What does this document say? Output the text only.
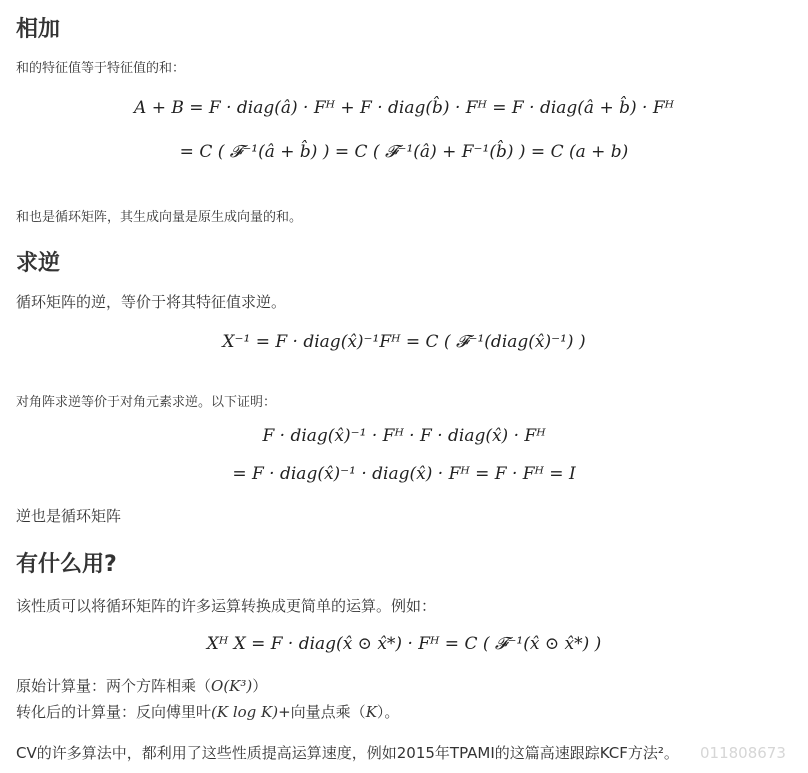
相加
和的特征值等于特征值的和：
A + B = F · diag(â) · Fᴴ + F · diag(b̂) · Fᴴ = F · diag(â + b̂) · Fᴴ
= C ( 𝓕⁻¹(â + b̂) ) = C ( 𝓕⁻¹(â) + F⁻¹(b̂) ) = C (a + b)
和也是循环矩阵，其生成向量是原生成向量的和。
求逆
循环矩阵的逆，等价于将其特征值求逆。
X⁻¹ = F · diag(x̂)⁻¹Fᴴ = C ( 𝓕⁻¹(diag(x̂)⁻¹) )
对角阵求逆等价于对角元素求逆。以下证明：
F · diag(x̂)⁻¹ · Fᴴ · F · diag(x̂) · Fᴴ
= F · diag(x̂)⁻¹ · diag(x̂) · Fᴴ = F · Fᴴ = I
逆也是循环矩阵
有什么用?
该性质可以将循环矩阵的许多运算转换成更简单的运算。例如：
Xᴴ X = F · diag(x̂ ⊙ x̂*) · Fᴴ = C ( 𝓕⁻¹(x̂ ⊙ x̂*) )
原始计算量：两个方阵相乘（O(K³)）
转化后的计算量：反向傅里叶(K log K)+向量点乘（K）。
CV的许多算法中，都利用了这些性质提高运算速度，例如2015年TPAMI的这篇高速跟踪KCF方法²。 011808673
